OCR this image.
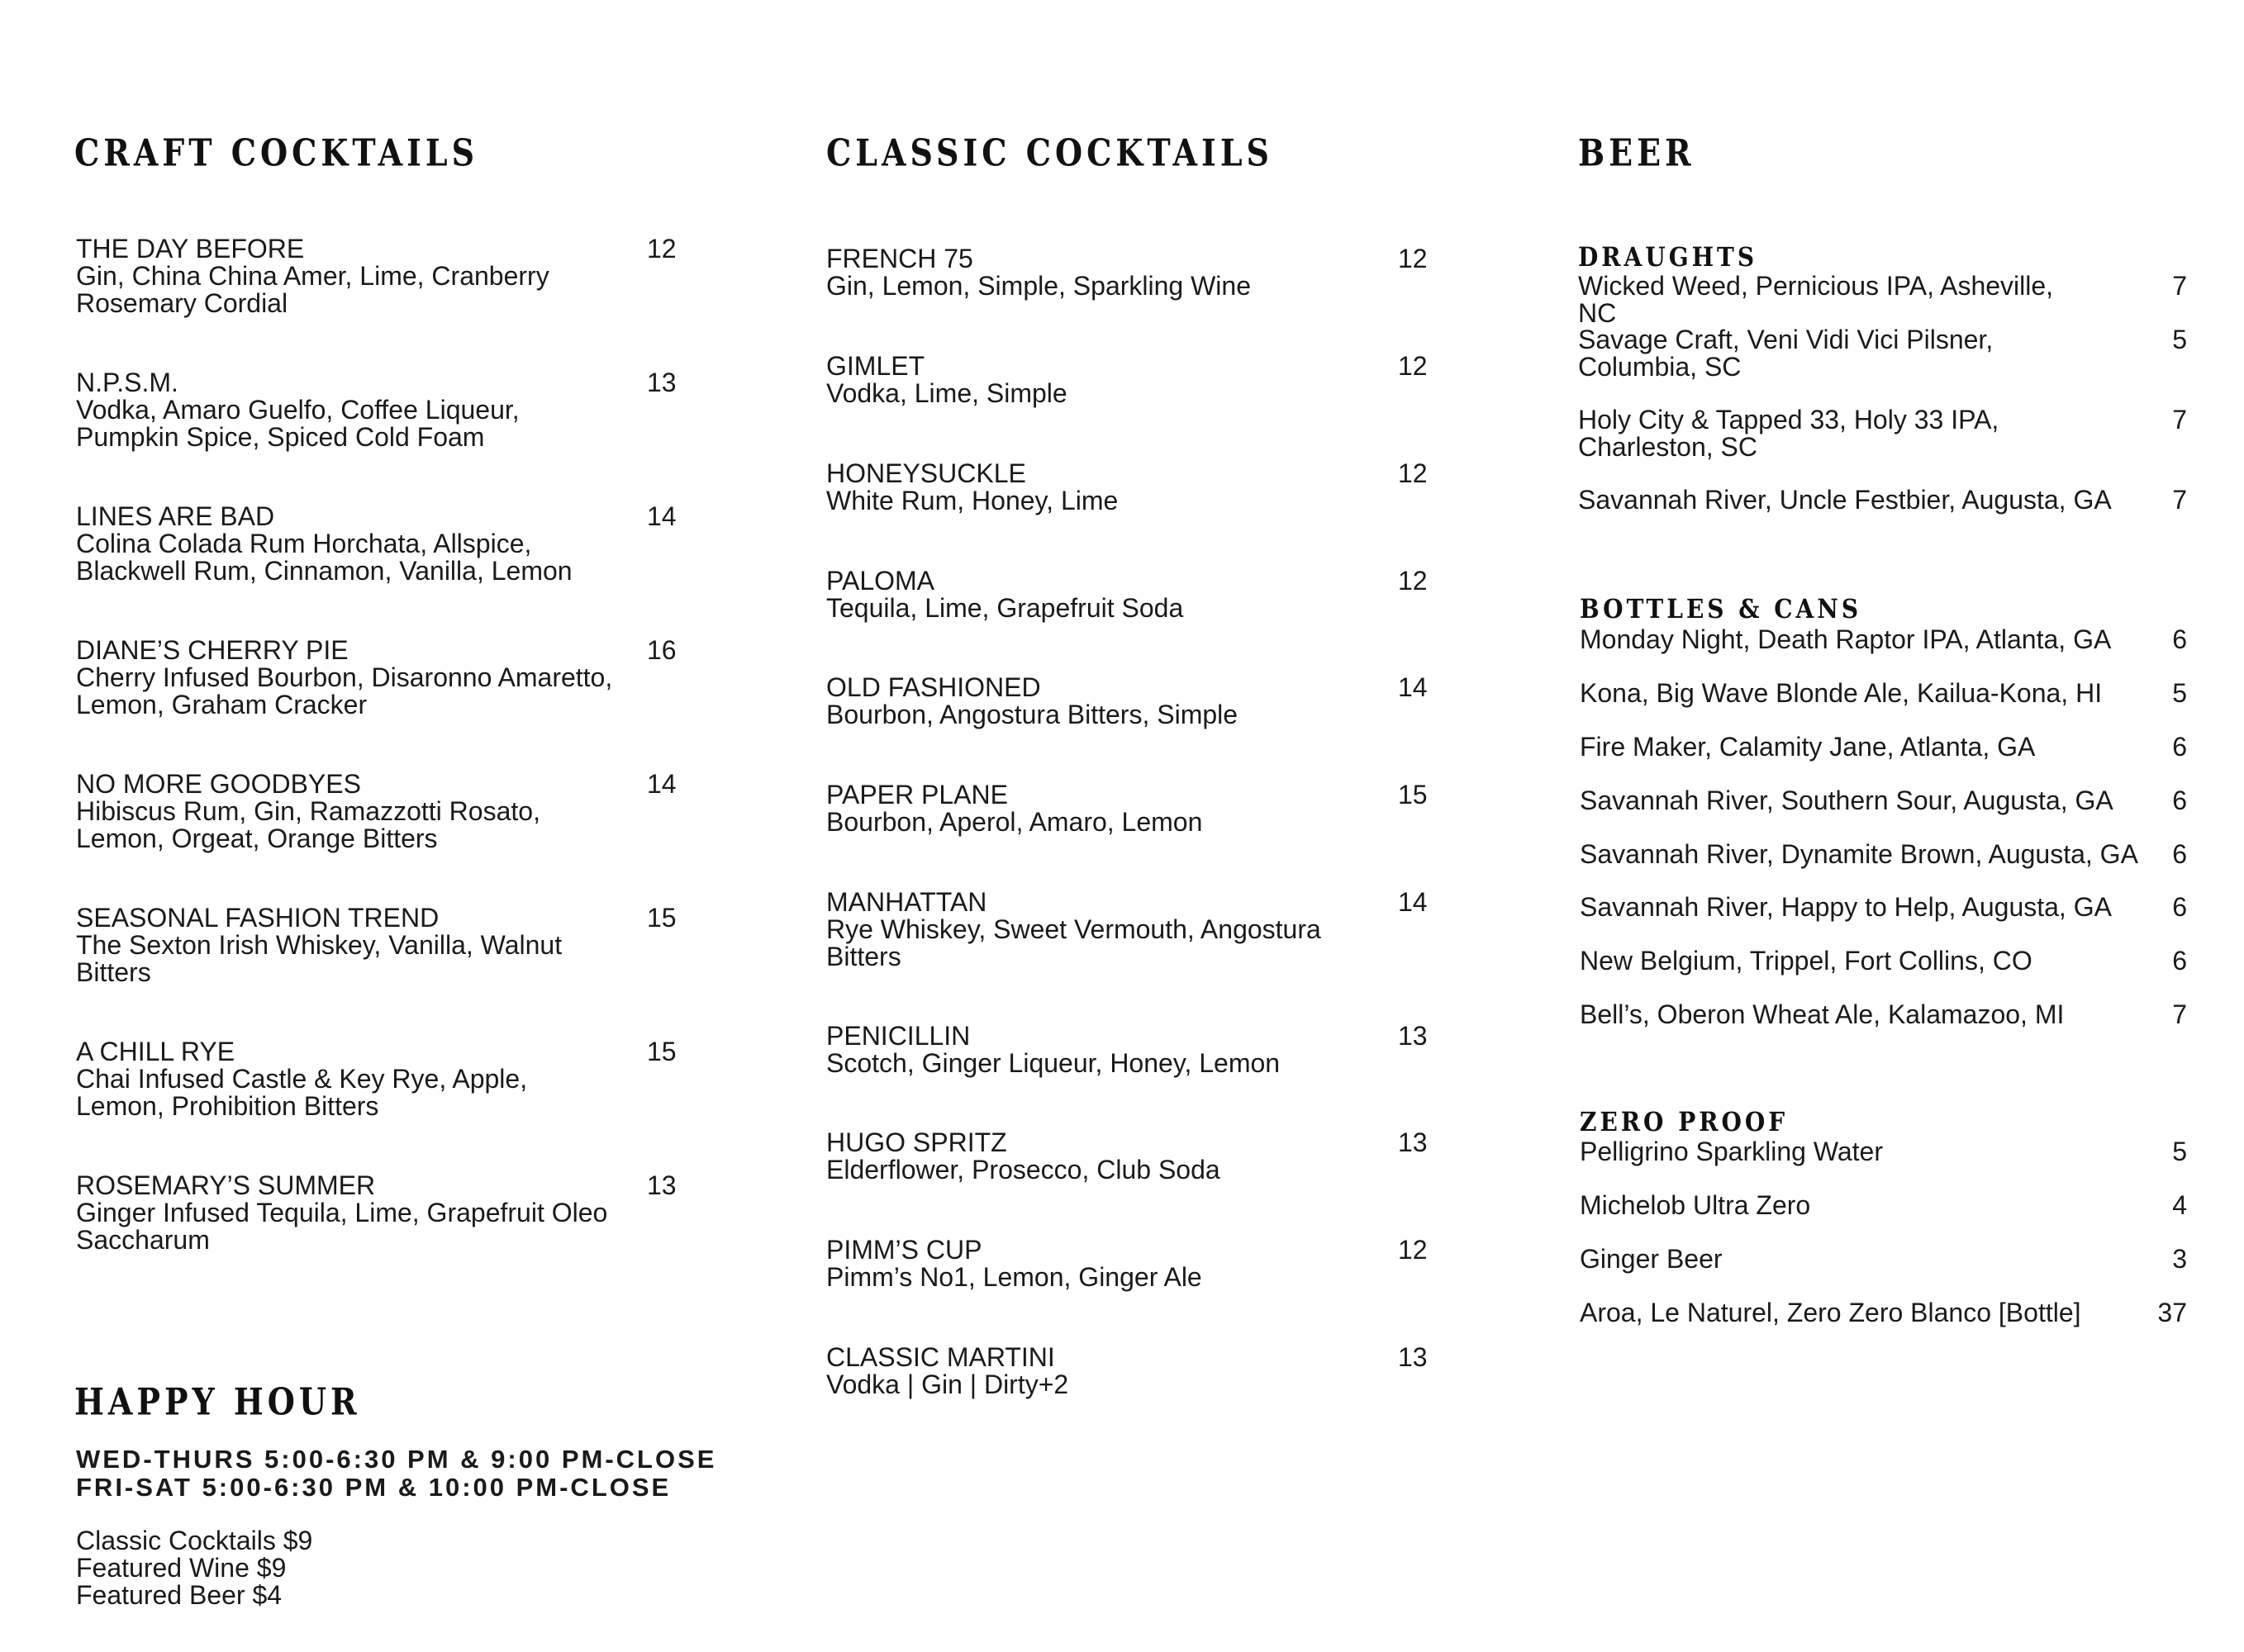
CRAFT COCKTAILS
THE DAY BEFORE
Gin, China China Amer, Lime, Cranberry Rosemary Cordial
12
N.P.S.M.
Vodka, Amaro Guelfo, Coffee Liqueur, Pumpkin Spice, Spiced Cold Foam
13
LINES ARE BAD
Colina Colada Rum Horchata, Allspice, Blackwell Rum, Cinnamon, Vanilla, Lemon
14
DIANE’S CHERRY PIE
Cherry Infused Bourbon, Disaronno Amaretto, Lemon, Graham Cracker
16
NO MORE GOODBYES
Hibiscus Rum, Gin, Ramazzotti Rosato, Lemon, Orgeat, Orange Bitters
14
SEASONAL FASHION TREND
The Sexton Irish Whiskey, Vanilla, Walnut Bitters
15
A CHILL RYE
Chai Infused Castle & Key Rye, Apple, Lemon, Prohibition Bitters
15
ROSEMARY’S SUMMER
Ginger Infused Tequila, Lime, Grapefruit Oleo Saccharum
13
HAPPY HOUR
WED-THURS 5:00-6:30 PM & 9:00 PM-CLOSE
FRI-SAT 5:00-6:30 PM & 10:00 PM-CLOSE
Classic Cocktails $9
Featured Wine $9
Featured Beer $4
CLASSIC COCKTAILS
FRENCH 75
Gin, Lemon, Simple, Sparkling Wine
12
GIMLET
Vodka, Lime, Simple
12
HONEYSUCKLE
White Rum, Honey, Lime
12
PALOMA
Tequila, Lime, Grapefruit Soda
12
OLD FASHIONED
Bourbon, Angostura Bitters, Simple
14
PAPER PLANE
Bourbon, Aperol, Amaro, Lemon
15
MANHATTAN
Rye Whiskey, Sweet Vermouth, Angostura Bitters
14
PENICILLIN
Scotch, Ginger Liqueur, Honey, Lemon
13
HUGO SPRITZ
Elderflower, Prosecco, Club Soda
13
PIMM’S CUP
Pimm’s No1, Lemon, Ginger Ale
12
CLASSIC MARTINI
Vodka | Gin | Dirty+2
13
BEER
DRAUGHTS
Wicked Weed, Pernicious IPA, Asheville, NC
7
Savage Craft, Veni Vidi Vici Pilsner, Columbia, SC
5
Holy City & Tapped 33, Holy 33 IPA, Charleston, SC
7
Savannah River, Uncle Festbier, Augusta, GA	7
BOTTLES & CANS
Monday Night, Death Raptor IPA, Atlanta, GA	6
Kona, Big Wave Blonde Ale, Kailua-Kona, HI	5
Fire Maker, Calamity Jane, Atlanta, GA	6
Savannah River, Southern Sour, Augusta, GA	6
Savannah River, Dynamite Brown, Augusta, GA	6
Savannah River, Happy to Help, Augusta, GA	6
New Belgium, Trippel, Fort Collins, CO	6
Bell’s, Oberon Wheat Ale, Kalamazoo, MI	7
ZERO PROOF
Pelligrino Sparkling Water	5
Michelob Ultra Zero	4
Ginger Beer	3
Aroa, Le Naturel, Zero Zero Blanco [Bottle]	37
